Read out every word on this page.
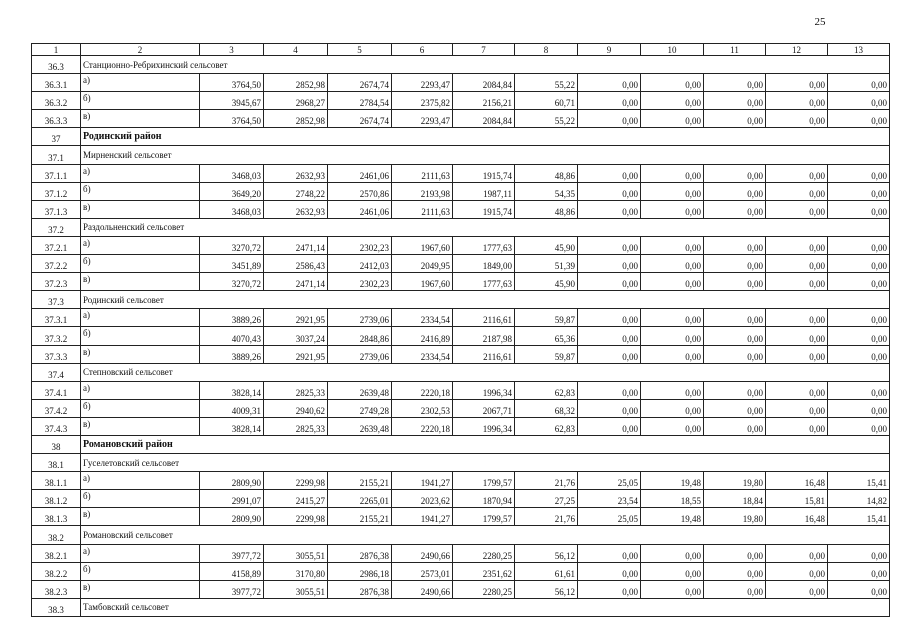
25
1	2	3	4	5	6	7	8	9	10	11	12	13
36.3	Станционно-Ребрихинский сельсовет											
36.3.1	а)	3764,50	2852,98	2674,74	2293,47	2084,84	55,22	0,00	0,00	0,00	0,00	0,00
36.3.2	б)	3945,67	2968,27	2784,54	2375,82	2156,21	60,71	0,00	0,00	0,00	0,00	0,00
36.3.3	в)	3764,50	2852,98	2674,74	2293,47	2084,84	55,22	0,00	0,00	0,00	0,00	0,00
37	Родинский район											
37.1	Мирненский сельсовет											
37.1.1	а)	3468,03	2632,93	2461,06	2111,63	1915,74	48,86	0,00	0,00	0,00	0,00	0,00
37.1.2	б)	3649,20	2748,22	2570,86	2193,98	1987,11	54,35	0,00	0,00	0,00	0,00	0,00
37.1.3	в)	3468,03	2632,93	2461,06	2111,63	1915,74	48,86	0,00	0,00	0,00	0,00	0,00
37.2	Раздольненский сельсовет											
37.2.1	а)	3270,72	2471,14	2302,23	1967,60	1777,63	45,90	0,00	0,00	0,00	0,00	0,00
37.2.2	б)	3451,89	2586,43	2412,03	2049,95	1849,00	51,39	0,00	0,00	0,00	0,00	0,00
37.2.3	в)	3270,72	2471,14	2302,23	1967,60	1777,63	45,90	0,00	0,00	0,00	0,00	0,00
37.3	Родинский сельсовет											
37.3.1	а)	3889,26	2921,95	2739,06	2334,54	2116,61	59,87	0,00	0,00	0,00	0,00	0,00
37.3.2	б)	4070,43	3037,24	2848,86	2416,89	2187,98	65,36	0,00	0,00	0,00	0,00	0,00
37.3.3	в)	3889,26	2921,95	2739,06	2334,54	2116,61	59,87	0,00	0,00	0,00	0,00	0,00
37.4	Степновский сельсовет											
37.4.1	а)	3828,14	2825,33	2639,48	2220,18	1996,34	62,83	0,00	0,00	0,00	0,00	0,00
37.4.2	б)	4009,31	2940,62	2749,28	2302,53	2067,71	68,32	0,00	0,00	0,00	0,00	0,00
37.4.3	в)	3828,14	2825,33	2639,48	2220,18	1996,34	62,83	0,00	0,00	0,00	0,00	0,00
38	Романовский район											
38.1	Гуселетовский сельсовет											
38.1.1	а)	2809,90	2299,98	2155,21	1941,27	1799,57	21,76	25,05	19,48	19,80	16,48	15,41
38.1.2	б)	2991,07	2415,27	2265,01	2023,62	1870,94	27,25	23,54	18,55	18,84	15,81	14,82
38.1.3	в)	2809,90	2299,98	2155,21	1941,27	1799,57	21,76	25,05	19,48	19,80	16,48	15,41
38.2	Романовский сельсовет											
38.2.1	а)	3977,72	3055,51	2876,38	2490,66	2280,25	56,12	0,00	0,00	0,00	0,00	0,00
38.2.2	б)	4158,89	3170,80	2986,18	2573,01	2351,62	61,61	0,00	0,00	0,00	0,00	0,00
38.2.3	в)	3977,72	3055,51	2876,38	2490,66	2280,25	56,12	0,00	0,00	0,00	0,00	0,00
38.3	Тамбовский сельсовет											
